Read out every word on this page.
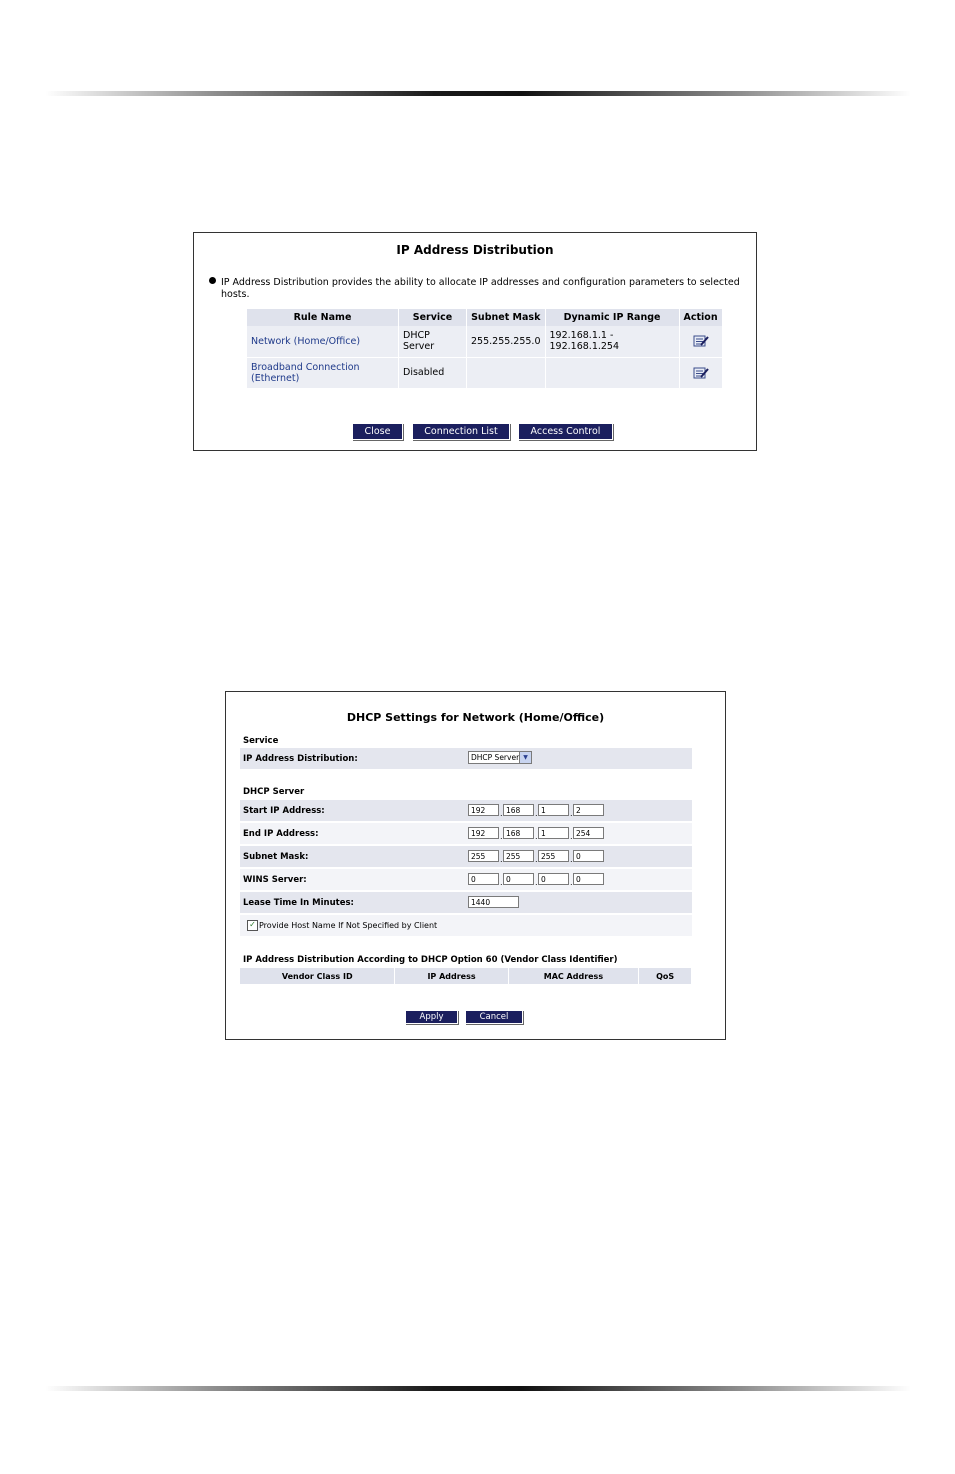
IP Address Distribution
IP Address Distribution provides the ability to allocate IP addresses and configuration parameters to selected hosts.
Rule Name	Service	Subnet Mask	Dynamic IP Range	Action
Network (Home/Office)	DHCP Server	255.255.255.0	192.168.1.1 - 192.168.1.254	

Broadband Connection (Ethernet)	Disabled			
Close	Connection List	Access Control
DHCP Settings for Network (Home/Office)
Service
IP Address Distribution:	DHCP Server ▼
DHCP Server
Start IP Address:	192	. 168	. 1	. 2
End IP Address:	192	. 168	. 1	. 254
Subnet Mask:	255	. 255	. 255	. 0
WINS Server:	0	. 0	. 0	. 0
Lease Time In Minutes:	1440
✓ Provide Host Name If Not Specified by Client
IP Address Distribution According to DHCP Option 60 (Vendor Class Identifier)
Vendor Class ID	IP Address	MAC Address	QoS
Apply	Cancel
